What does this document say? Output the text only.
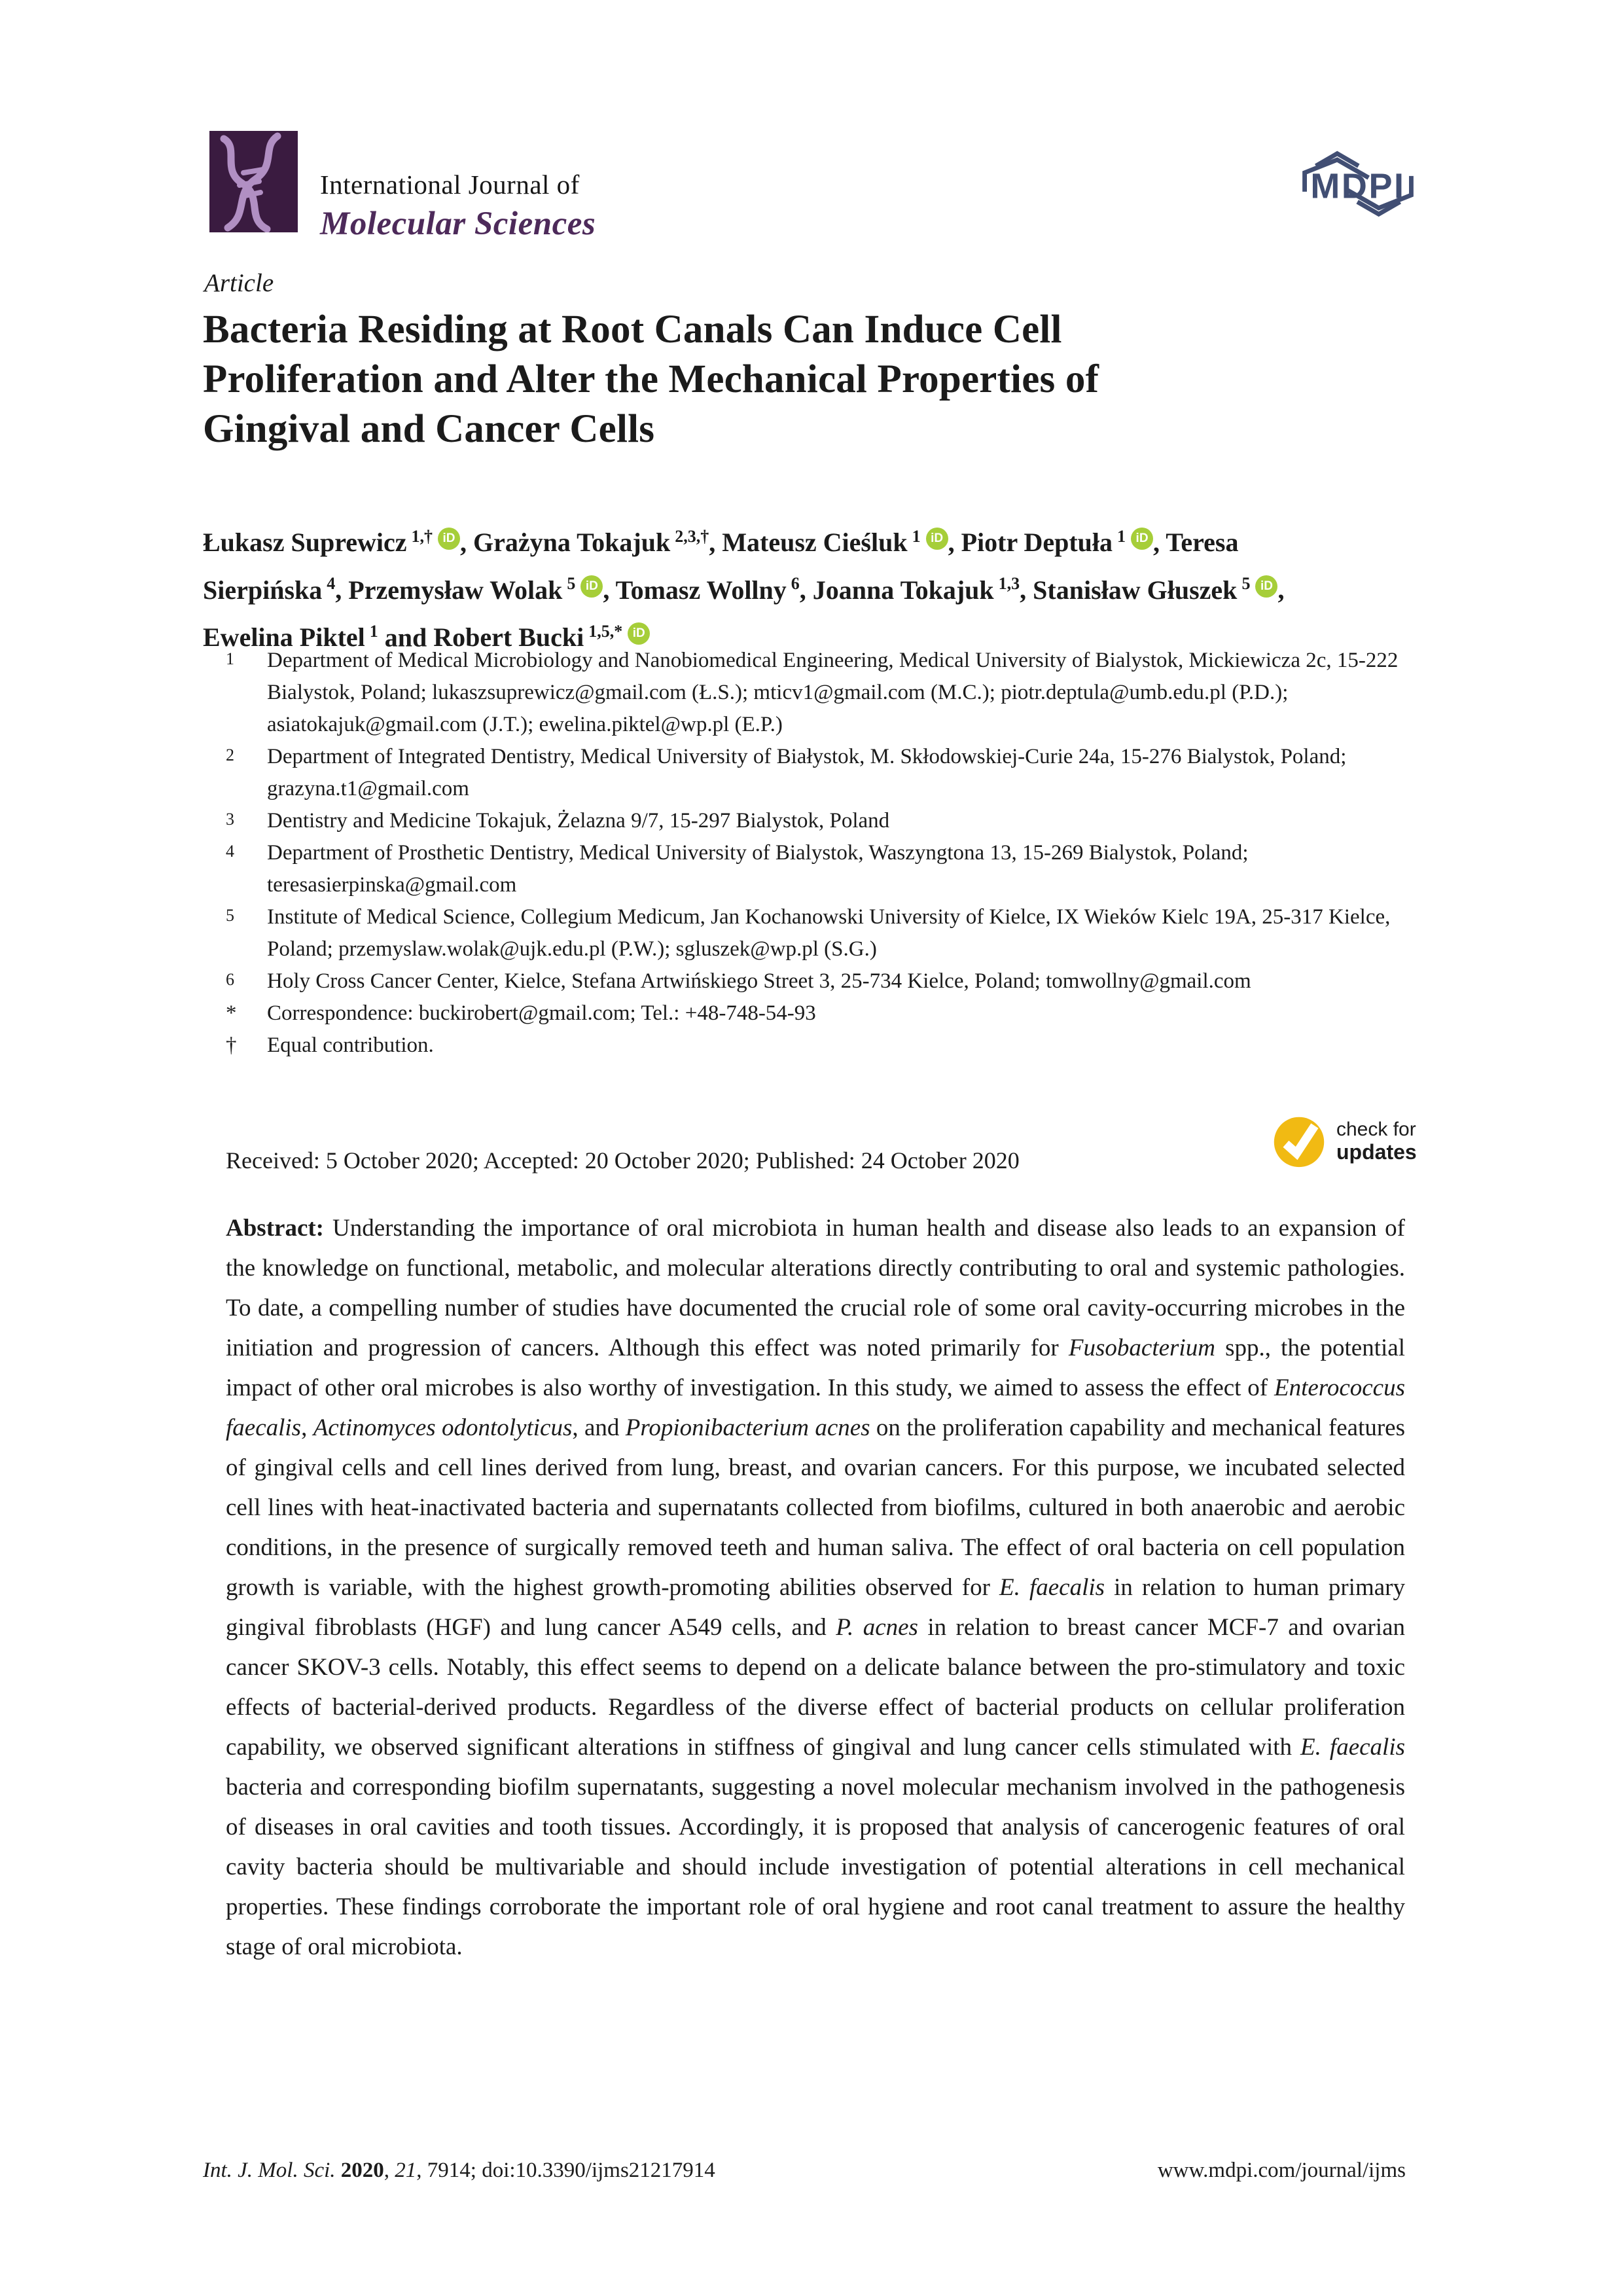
International Journal of
Molecular Sciences
MDPI
Article
Bacteria Residing at Root Canals Can Induce Cell
Proliferation and Alter the Mechanical Properties of
Gingival and Cancer Cells
Łukasz Suprewicz $^{1,\dagger}$ iD , Grażyna Tokajuk $^{2,3,\dagger}$, Mateusz Cieśluk $^1$ iD , Piotr Deptuła $^1$ iD , Teresa Sierpińska $^4$, Przemysław Wolak $^5$ iD , Tomasz Wollny $^6$, Joanna Tokajuk $^{1,3}$, Stanisław Głuszek $^5$ iD , Ewelina Piktel $^1$ and Robert Bucki $^{1,5,*}$ iD
1	Department of Medical Microbiology and Nanobiomedical Engineering, Medical University of Bialystok, Mickiewicza 2c, 15-222 Bialystok, Poland; lukaszsuprewicz@gmail.com (Ł.S.); mticv1@gmail.com (M.C.); piotr.deptula@umb.edu.pl (P.D.); asiatokajuk@gmail.com (J.T.); ewelina.piktel@wp.pl (E.P.)
2	Department of Integrated Dentistry, Medical University of Białystok, M. Skłodowskiej-Curie 24a, 15-276 Bialystok, Poland; grazyna.t1@gmail.com
3	Dentistry and Medicine Tokajuk, Żelazna 9/7, 15-297 Bialystok, Poland
4	Department of Prosthetic Dentistry, Medical University of Bialystok, Waszyngtona 13, 15-269 Bialystok, Poland; teresasierpinska@gmail.com
5	Institute of Medical Science, Collegium Medicum, Jan Kochanowski University of Kielce, IX Wieków Kielc 19A, 25-317 Kielce, Poland; przemyslaw.wolak@ujk.edu.pl (P.W.); sgluszek@wp.pl (S.G.)
6	Holy Cross Cancer Center, Kielce, Stefana Artwińskiego Street 3, 25-734 Kielce, Poland; tomwollny@gmail.com
*	Correspondence: buckirobert@gmail.com; Tel.: +48-748-54-93
†	Equal contribution.
Received: 5 October 2020; Accepted: 20 October 2020; Published: 24 October 2020
check for
updates

Abstract: Understanding the importance of oral microbiota in human health and disease also leads to an expansion of the knowledge on functional, metabolic, and molecular alterations directly contributing to oral and systemic pathologies. To date, a compelling number of studies have documented the crucial role of some oral cavity-occurring microbes in the initiation and progression of cancers. Although this effect was noted primarily for Fusobacterium spp., the potential impact of other oral microbes is also worthy of investigation. In this study, we aimed to assess the effect of Enterococcus faecalis, Actinomyces odontolyticus, and Propionibacterium acnes on the proliferation capability and mechanical features of gingival cells and cell lines derived from lung, breast, and ovarian cancers. For this purpose, we incubated selected cell lines with heat-inactivated bacteria and supernatants collected from biofilms, cultured in both anaerobic and aerobic conditions, in the presence of surgically removed teeth and human saliva. The effect of oral bacteria on cell population growth is variable, with the highest growth-promoting abilities observed for E. faecalis in relation to human primary gingival fibroblasts (HGF) and lung cancer A549 cells, and P. acnes in relation to breast cancer MCF-7 and ovarian cancer SKOV-3 cells. Notably, this effect seems to depend on a delicate balance between the pro-stimulatory and toxic effects of bacterial-derived products. Regardless of the diverse effect of bacterial products on cellular proliferation capability, we observed significant alterations in stiffness of gingival and lung cancer cells stimulated with E. faecalis bacteria and corresponding biofilm supernatants, suggesting a novel molecular mechanism involved in the pathogenesis of diseases in oral cavities and tooth tissues. Accordingly, it is proposed that analysis of cancerogenic features of oral cavity bacteria should be multivariable and should include investigation of potential alterations in cell mechanical properties. These findings corroborate the important role of oral hygiene and root canal treatment to assure the healthy stage of oral microbiota.

Int. J. Mol. Sci. 2020, 21, 7914; doi:10.3390/ijms21217914	www.mdpi.com/journal/ijms
